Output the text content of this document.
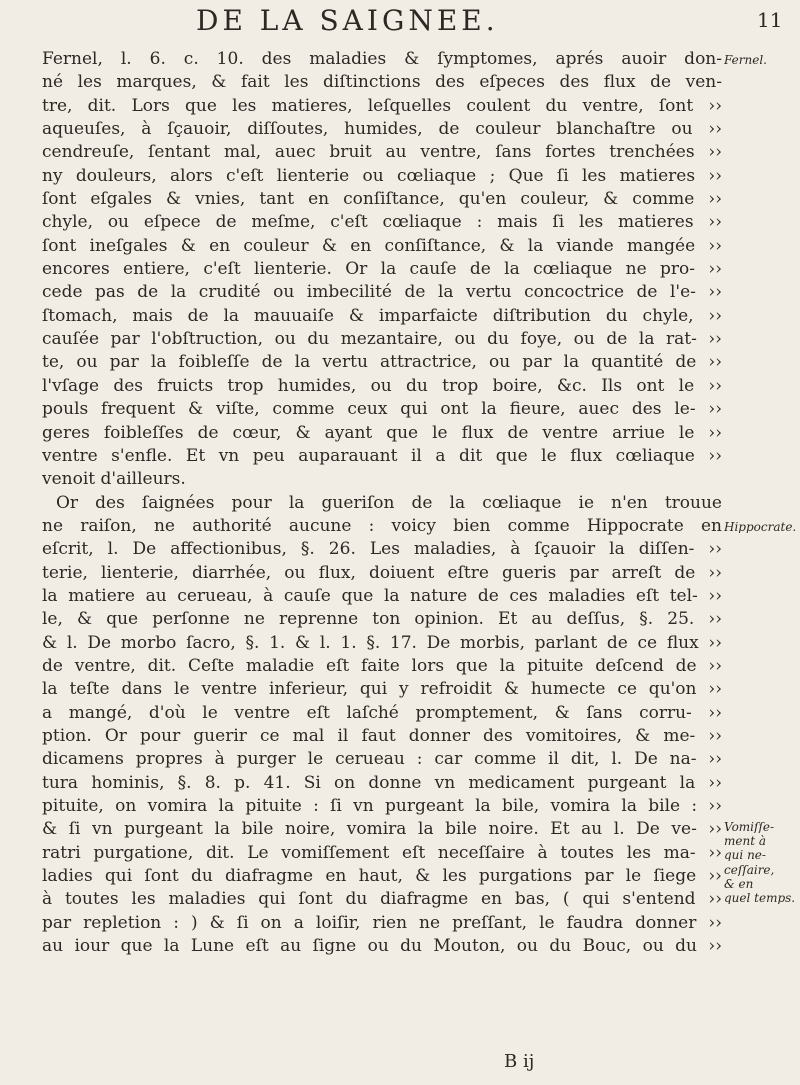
DE LA SAIGNEE.	11
Fernel, l. 6. c. 10. des maladies & ſymptomes, aprés auoir don-
né les marques, & fait les diſtinctions des eſpeces des flux de ven-
tre, dit. Lors que les matieres, leſquelles coulent du ventre, ſont ››
aqueuſes, à ſçauoir, diſſoutes, humides, de couleur blanchaſtre ou ››
cendreuſe, ſentant mal, auec bruit au ventre, ſans fortes trenchées ››
ny douleurs, alors c'eſt lienterie ou cœliaque ; Que ſi les matieres ››
ſont eſgales & vnies, tant en conſiſtance, qu'en couleur, & comme ››
chyle, ou eſpece de meſme, c'eſt cœliaque : mais ſi les matieres ››
ſont ineſgales & en couleur & en conſiſtance, & la viande mangée ››
encores entiere, c'eſt lienterie. Or la cauſe de la cœliaque ne pro- ››
cede pas de la crudité ou imbecilité de la vertu concoctrice de l'e- ››
ſtomach, mais de la mauuaiſe & imparfaicte diſtribution du chyle, ››
cauſée par l'obſtruction, ou du mezantaire, ou du foye, ou de la rat- ››
te, ou par la foibleſſe de la vertu attractrice, ou par la quantité de ››
l'vſage des fruicts trop humides, ou du trop boire, &c. Ils ont le ››
pouls frequent & viſte, comme ceux qui ont la fieure, auec des le- ››
geres foibleſſes de cœur, & ayant que le flux de ventre arriue le ››
ventre s'enfle. Et vn peu auparauant il a dit que le flux cœliaque ››
venoit d'ailleurs.
Or des ſaignées pour la gueriſon de la cœliaque ie n'en trouue
ne raiſon, ne authorité aucune : voicy bien comme Hippocrate en
eſcrit, l. De affectionibus, §. 26. Les maladies, à ſçauoir la diſſen- ››
terie, lienterie, diarrhée, ou flux, doiuent eſtre gueris par arreſt de ››
la matiere au cerueau, à cauſe que la nature de ces maladies eſt tel- ››
le, & que perſonne ne reprenne ton opinion. Et au deſſus, §. 25. ››
& l. De morbo ſacro, §. 1. & l. 1. §. 17. De morbis, parlant de ce flux ››
de ventre, dit. Ceſte maladie eſt faite lors que la pituite deſcend de ››
la teſte dans le ventre inferieur, qui y refroidit & humecte ce qu'on ››
a mangé, d'où le ventre eſt laſché promptement, & ſans corru- ››
ption. Or pour guerir ce mal il faut donner des vomitoires, & me- ››
dicamens propres à purger le cerueau : car comme il dit, l. De na- ››
tura hominis, §. 8. p. 41. Si on donne vn medicament purgeant la ››
pituite, on vomira la pituite : ſi vn purgeant la bile, vomira la bile : ››
& ſi vn purgeant la bile noire, vomira la bile noire. Et au l. De ve- ››
ratri purgatione, dit. Le vomiſſement eſt neceſſaire à toutes les ma- ››
ladies qui ſont du diafragme en haut, & les purgations par le ſiege ››
à toutes les maladies qui ſont du diafragme en bas, ( qui s'entend ››
par repletion : ) & ſi on a loiſir, rien ne preſſant, le faudra donner ››
au iour que la Lune eſt au ſigne ou du Mouton, ou du Bouc, ou du ››
Fernel.
Hippocrate.
Vomiſſe-
ment à
qui ne-
ceſſaire,
& en
quel temps.
B ij
